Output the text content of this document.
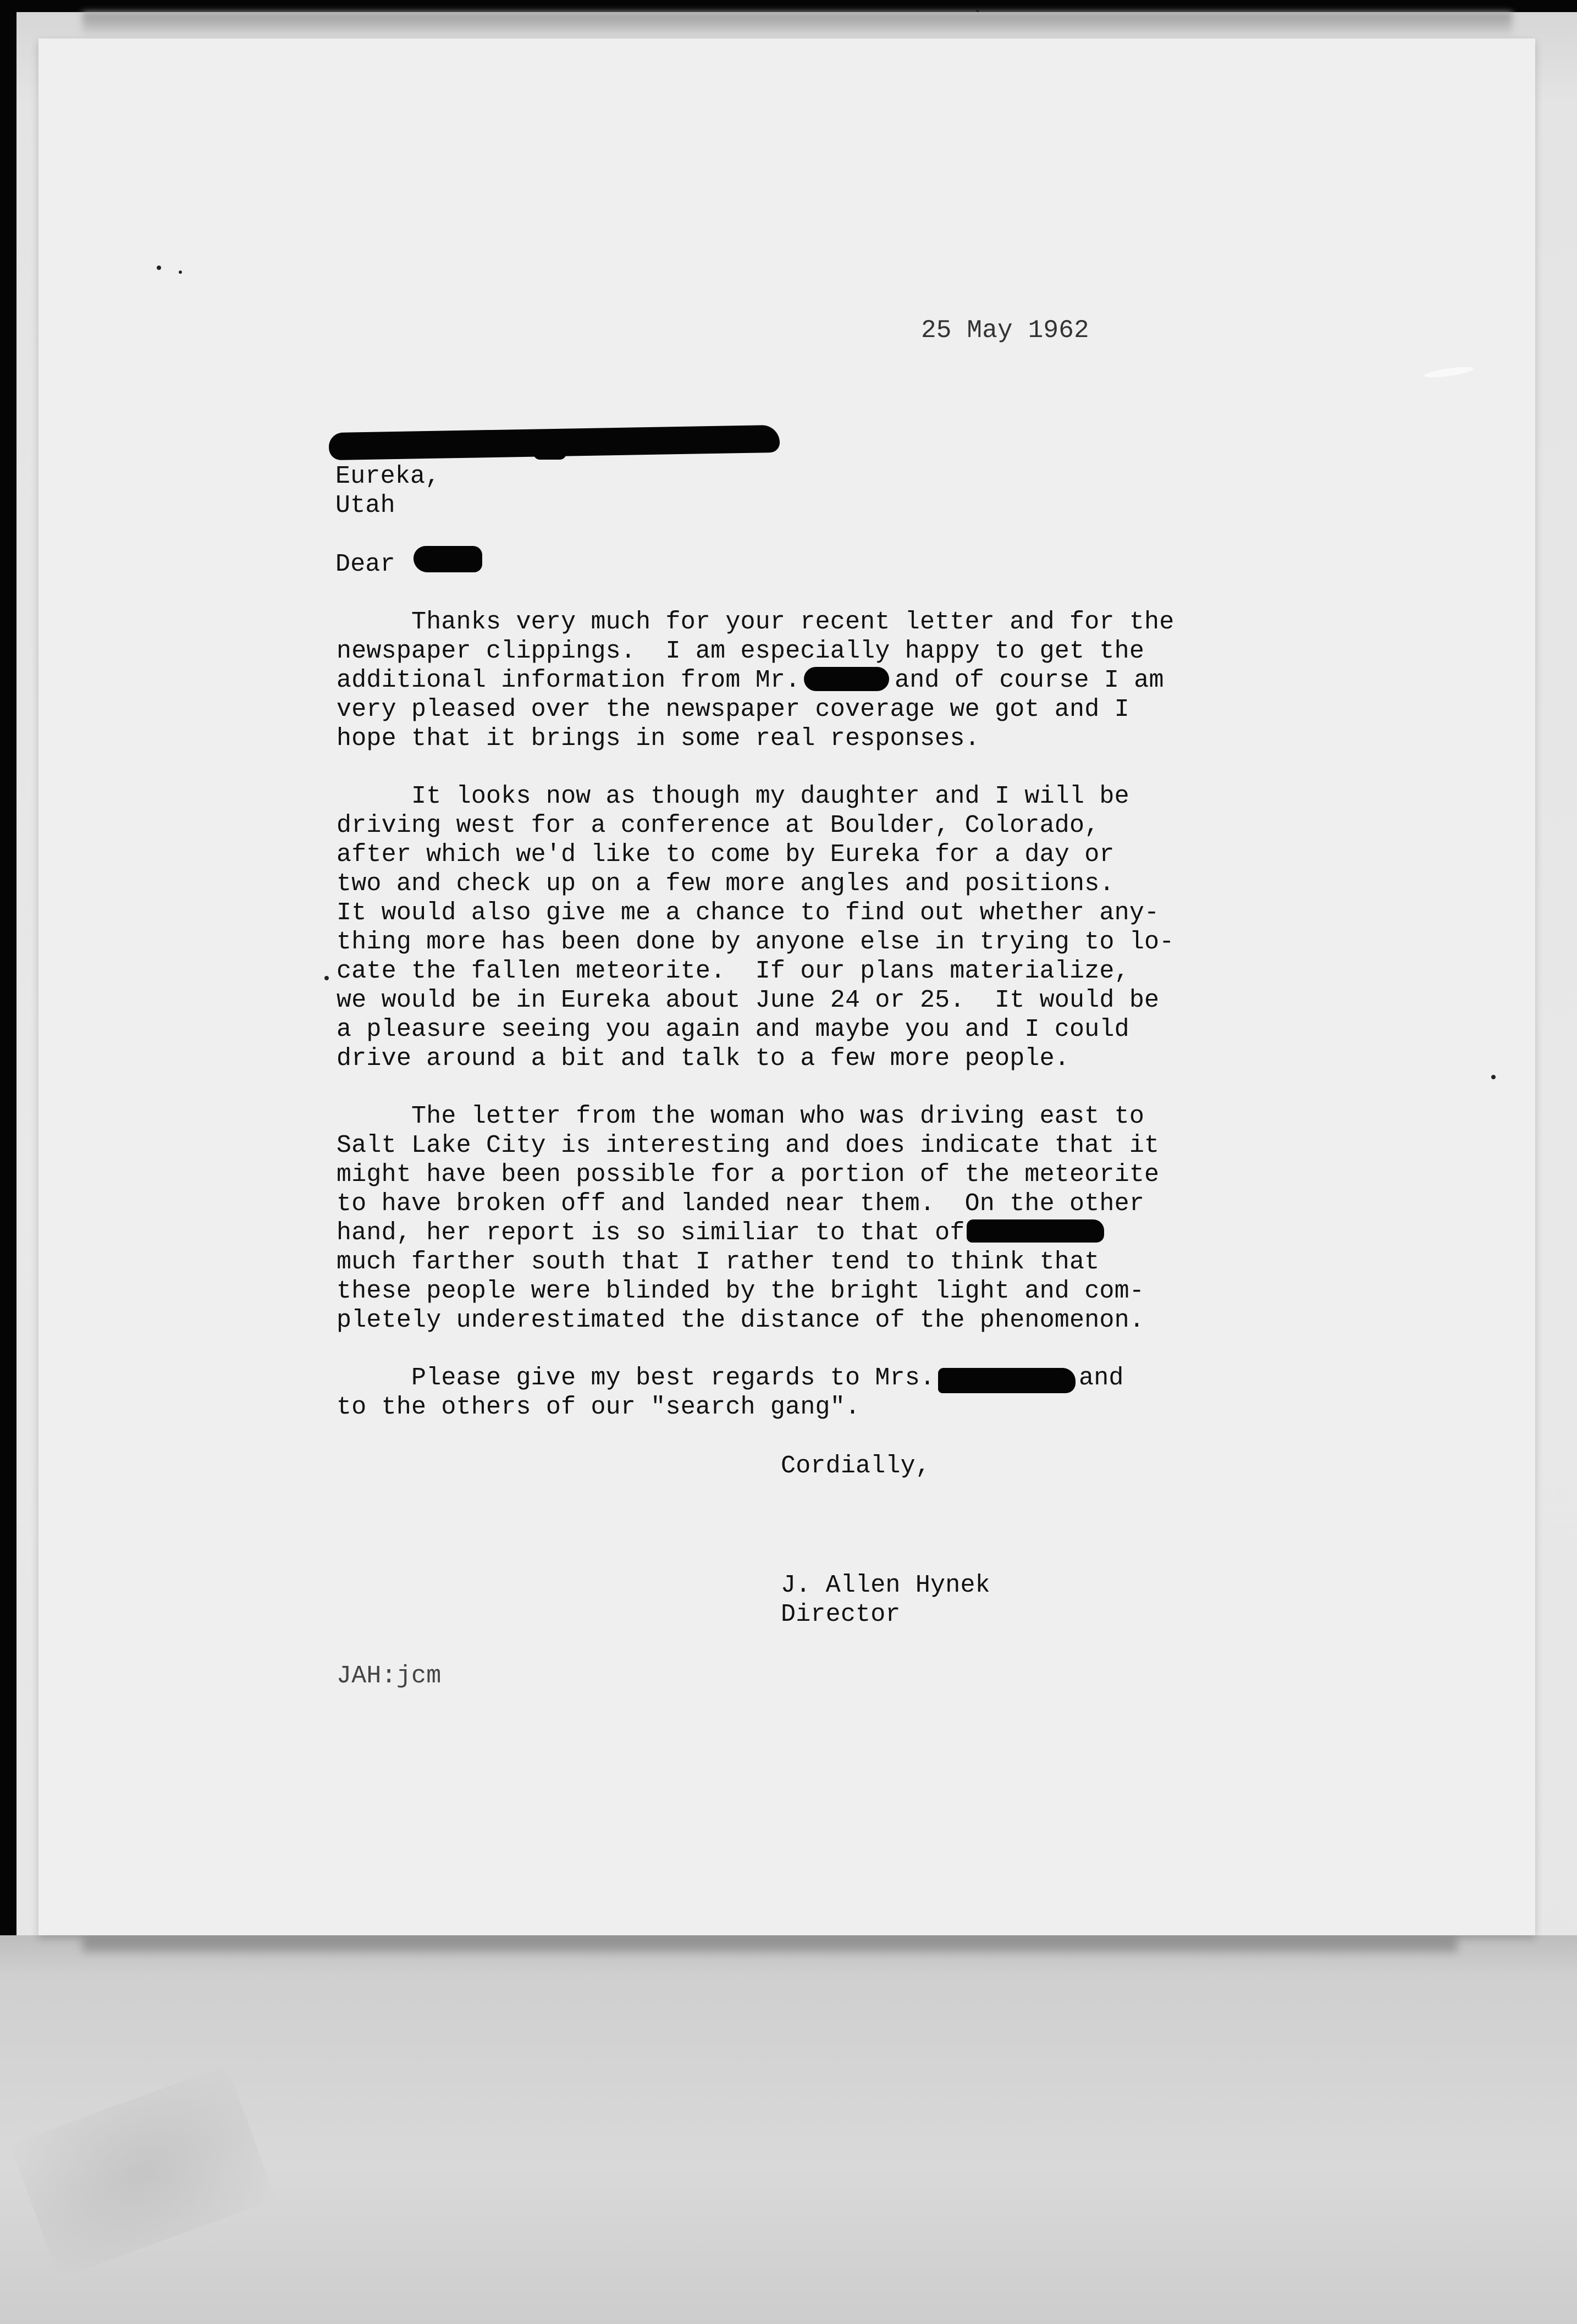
25 May 1962
Eureka,
Utah
Dear
Thanks very much for your recent letter and for the
newspaper clippings.  I am especially happy to get the
additional information from Mr.	and of course I am
very pleased over the newspaper coverage we got and I
hope that it brings in some real responses.
It looks now as though my daughter and I will be
driving west for a conference at Boulder, Colorado,
after which we'd like to come by Eureka for a day or
two and check up on a few more angles and positions.
It would also give me a chance to find out whether any-
thing more has been done by anyone else in trying to lo-
cate the fallen meteorite.  If our plans materialize,
we would be in Eureka about June 24 or 25.  It would be
a pleasure seeing you again and maybe you and I could
drive around a bit and talk to a few more people.
The letter from the woman who was driving east to
Salt Lake City is interesting and does indicate that it
might have been possible for a portion of the meteorite
to have broken off and landed near them.  On the other
hand, her report is so similiar to that of
much farther south that I rather tend to think that
these people were blinded by the bright light and com-
pletely underestimated the distance of the phenomenon.
Please give my best regards to Mrs.	and
to the others of our "search gang".
Cordially,
J. Allen Hynek
Director
JAH:jcm
